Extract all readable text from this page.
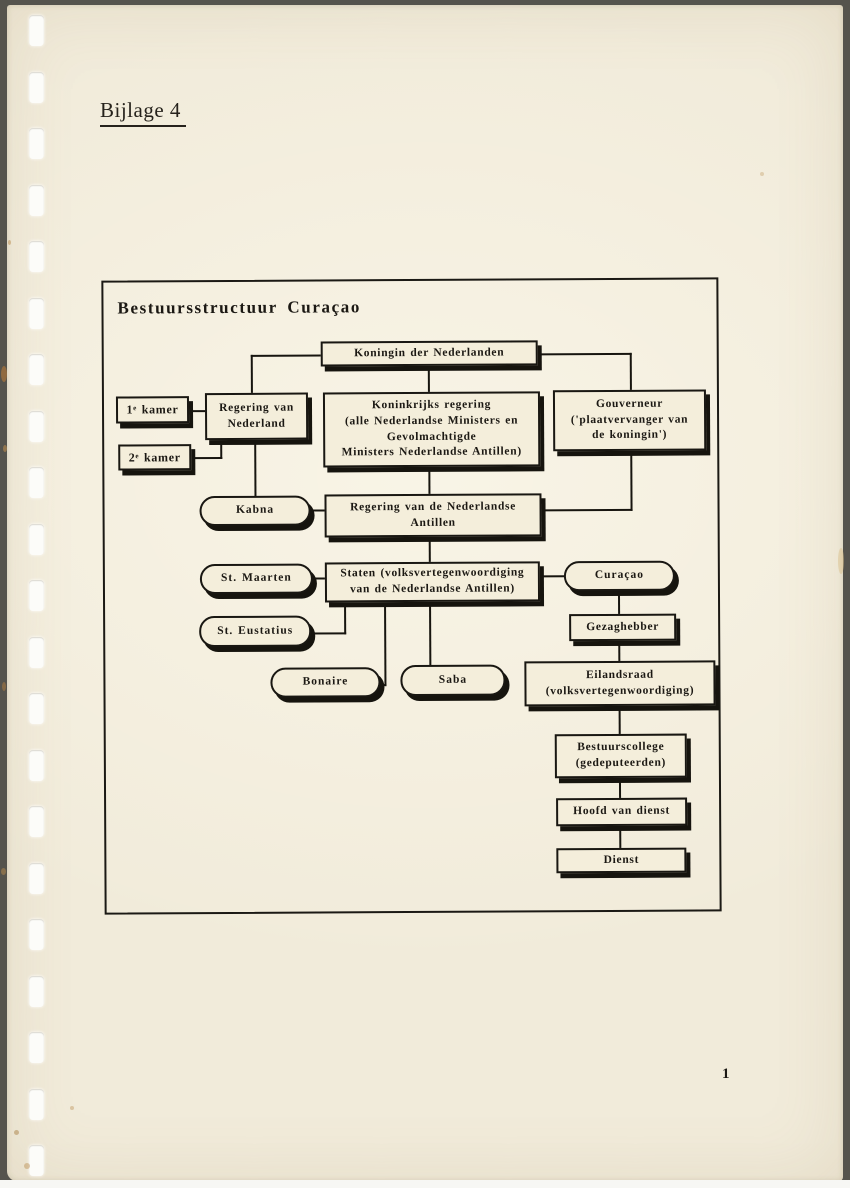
Bijlage 4
Bestuursstructuur Curaçao
Koningin der Nederlanden
1ᵉ kamer
2ᵉ kamer
Regering van
Nederland
Koninkrijks regering
(alle Nederlandse Ministers en
Gevolmachtigde
Ministers Nederlandse Antillen)
Gouverneur
('plaatvervanger van
de koningin')
Kabna	Regering van de Nederlandse
Antillen
St. Maarten	Staten (volksvertegenwoordiging
van de Nederlandse Antillen)
Curaçao
St. Eustatius	Gezaghebber
Bonaire	Saba	Eilandsraad
(volksvertegenwoordiging)
Bestuurscollege
(gedeputeerden)
Hoofd van dienst
Dienst
1
